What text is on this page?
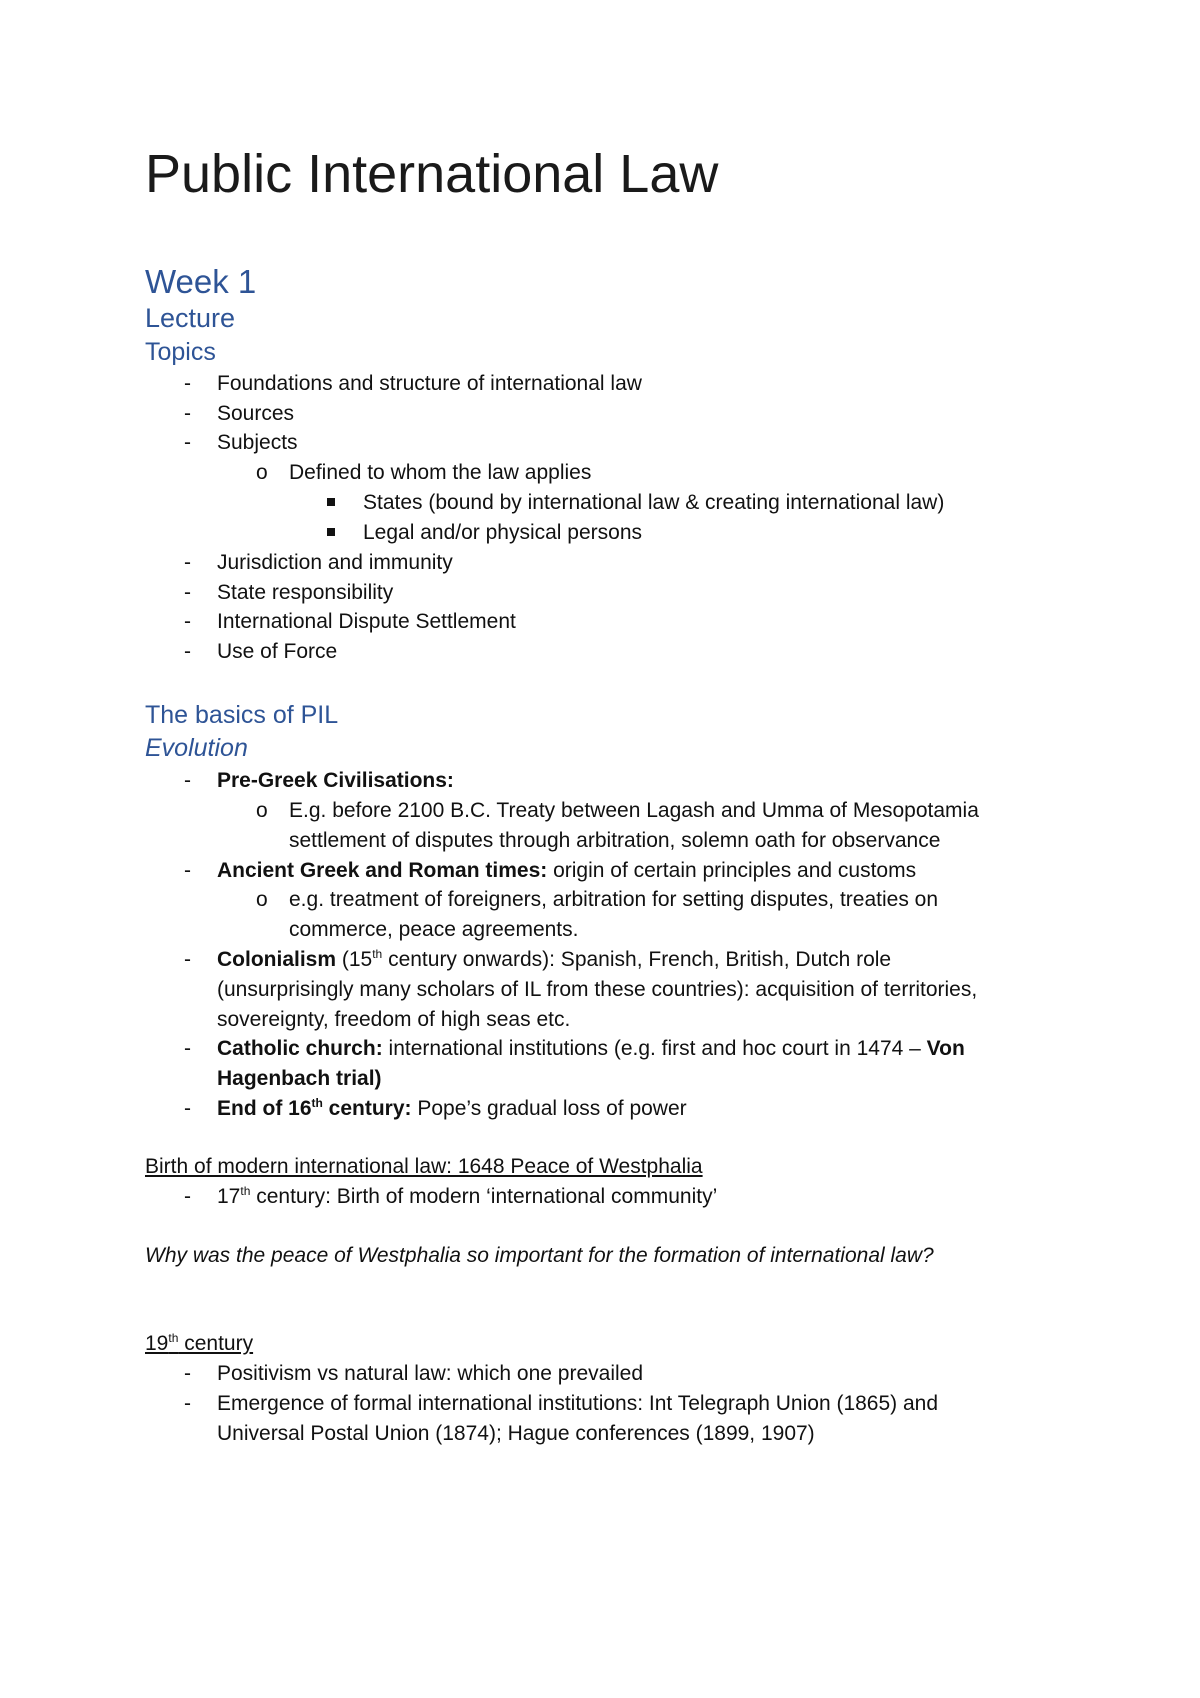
Public International Law
Week 1
Lecture
Topics
-	Foundations and structure of international law
-	Sources
-	Subjects
o Defined to whom the law applies
States (bound by international law & creating international law)
Legal and/or physical persons
-	Jurisdiction and immunity
-	State responsibility
-	International Dispute Settlement
-	Use of Force
The basics of PIL
Evolution
-	Pre-Greek Civilisations:
o E.g. before 2100 B.C. Treaty between Lagash and Umma of Mesopotamia
settlement of disputes through arbitration, solemn oath for observance
-	Ancient Greek and Roman times: origin of certain principles and customs
o e.g. treatment of foreigners, arbitration for setting disputes, treaties on
commerce, peace agreements.
-	Colonialism (15th century onwards): Spanish, French, British, Dutch role
(unsurprisingly many scholars of IL from these countries): acquisition of territories,
sovereignty, freedom of high seas etc.
-	Catholic church: international institutions (e.g. first and hoc court in 1474 – Von
Hagenbach trial)
-	End of 16th century: Pope’s gradual loss of power
Birth of modern international law: 1648 Peace of Westphalia
-	17th century: Birth of modern ‘international community’
Why was the peace of Westphalia so important for the formation of international law?
19th century
-	Positivism vs natural law: which one prevailed
-	Emergence of formal international institutions: Int Telegraph Union (1865) and
Universal Postal Union (1874); Hague conferences (1899, 1907)
